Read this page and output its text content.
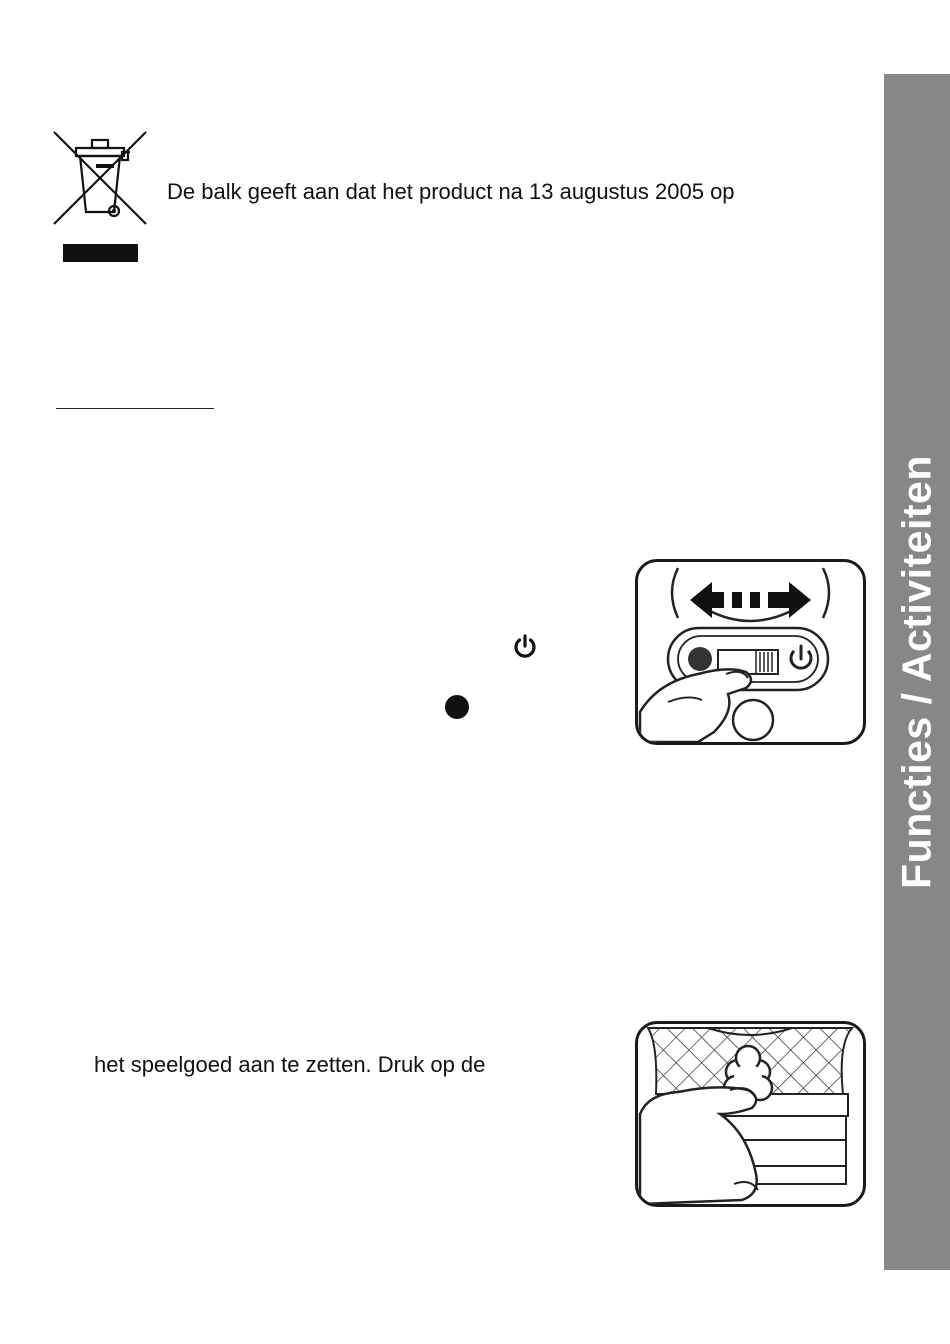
De balk geeft aan dat het product na 13 augustus 2005 op
het speelgoed aan te zetten. Druk op de
Functies / Activiteiten
